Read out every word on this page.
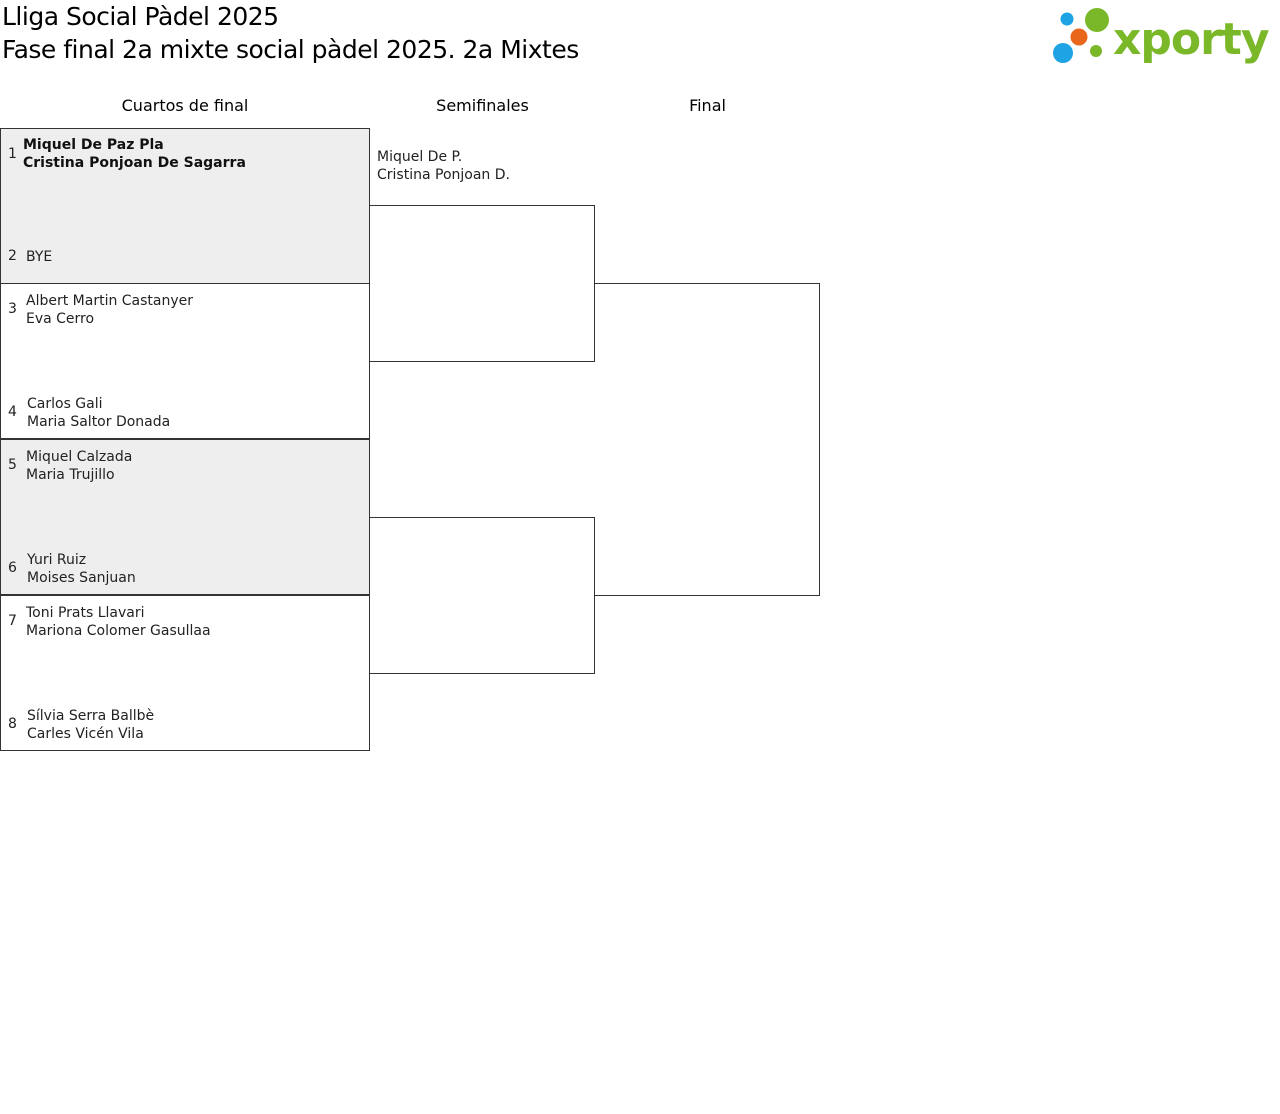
Lliga Social Pàdel 2025
Fase final 2a mixte social pàdel 2025. 2a Mixtes	xporty
Cuartos de final	Semifinales	Final
1
Miquel De Paz Pla
Cristina Ponjoan De Sagarra
2 BYE
3 Albert Martin Castanyer
Eva Cerro
4 Carlos Gali
Maria Saltor Donada
5 Miquel Calzada
Maria Trujillo
6 Yuri Ruiz
Moises Sanjuan
7 Toni Prats Llavari
Mariona Colomer Gasullaa
8 Sílvia Serra Ballbè
Carles Vicén Vila
Miquel De P.
Cristina Ponjoan D.
